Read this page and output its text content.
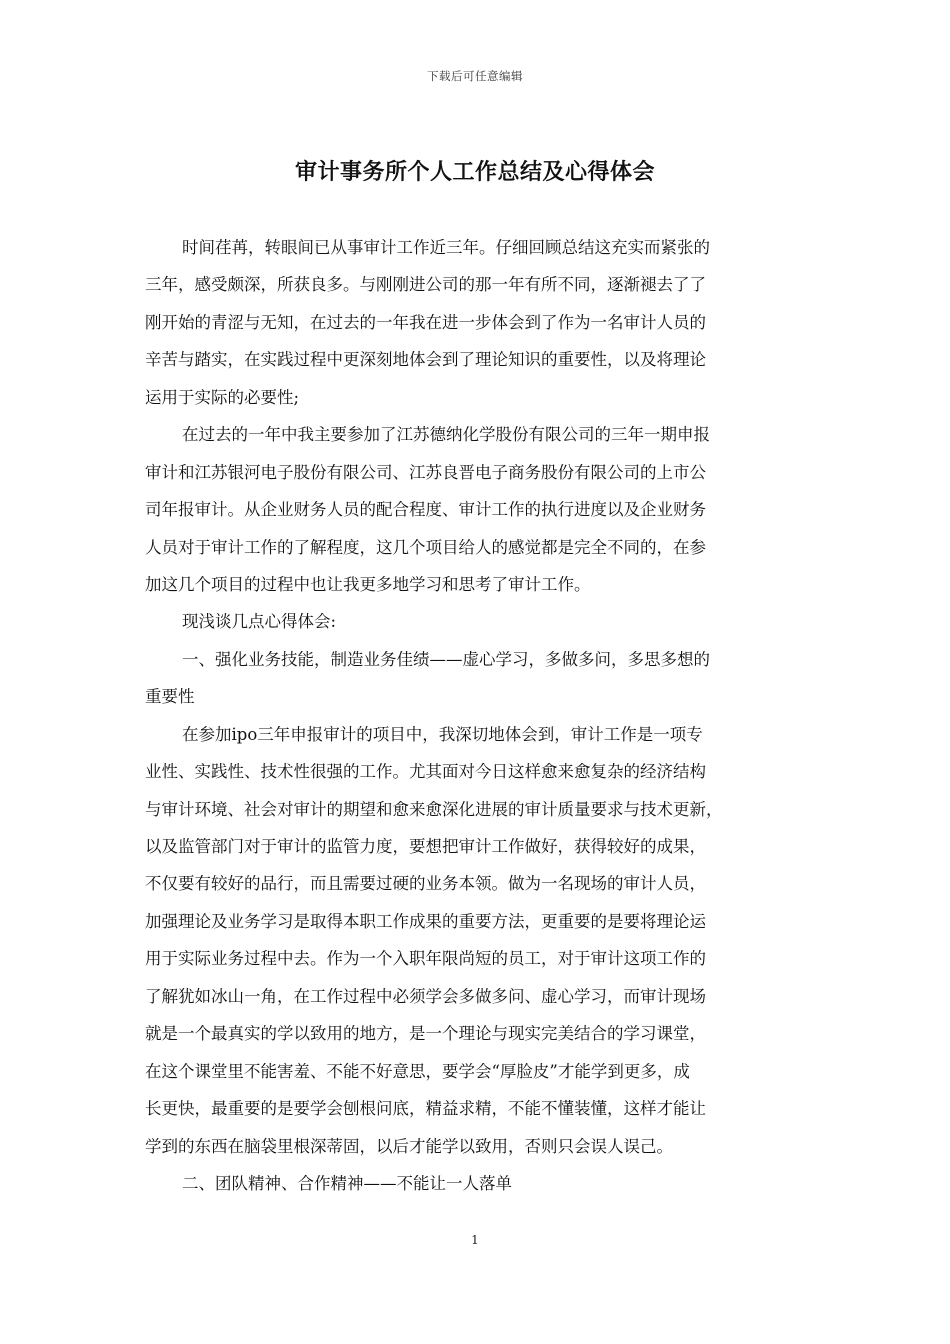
下载后可任意编辑
审计事务所个人工作总结及心得体会
时间荏苒，转眼间已从事审计工作近三年。仔细回顾总结这充实而紧张的
三年，感受颇深，所获良多。与刚刚进公司的那一年有所不同，逐渐褪去了了
刚开始的青涩与无知，在过去的一年我在进一步体会到了作为一名审计人员的
辛苦与踏实，在实践过程中更深刻地体会到了理论知识的重要性，以及将理论
运用于实际的必要性;
在过去的一年中我主要参加了江苏德纳化学股份有限公司的三年一期申报
审计和江苏银河电子股份有限公司、江苏良晋电子商务股份有限公司的上市公
司年报审计。从企业财务人员的配合程度、审计工作的执行进度以及企业财务
人员对于审计工作的了解程度，这几个项目给人的感觉都是完全不同的，在参
加这几个项目的过程中也让我更多地学习和思考了审计工作。
现浅谈几点心得体会:
一、强化业务技能，制造业务佳绩——虚心学习，多做多问，多思多想的
重要性
在参加ipo三年申报审计的项目中，我深切地体会到，审计工作是一项专
业性、实践性、技术性很强的工作。尤其面对今日这样愈来愈复杂的经济结构
与审计环境、社会对审计的期望和愈来愈深化进展的审计质量要求与技术更新，
以及监管部门对于审计的监管力度，要想把审计工作做好，获得较好的成果，
不仅要有较好的品行，而且需要过硬的业务本领。做为一名现场的审计人员，
加强理论及业务学习是取得本职工作成果的重要方法，更重要的是要将理论运
用于实际业务过程中去。作为一个入职年限尚短的员工，对于审计这项工作的
了解犹如冰山一角，在工作过程中必须学会多做多问、虚心学习，而审计现场
就是一个最真实的学以致用的地方，是一个理论与现实完美结合的学习课堂，
在这个课堂里不能害羞、不能不好意思，要学会“厚脸皮”才能学到更多，成
长更快，最重要的是要学会刨根问底，精益求精，不能不懂装懂，这样才能让
学到的东西在脑袋里根深蒂固，以后才能学以致用，否则只会误人误己。
二、团队精神、合作精神——不能让一人落单
1
